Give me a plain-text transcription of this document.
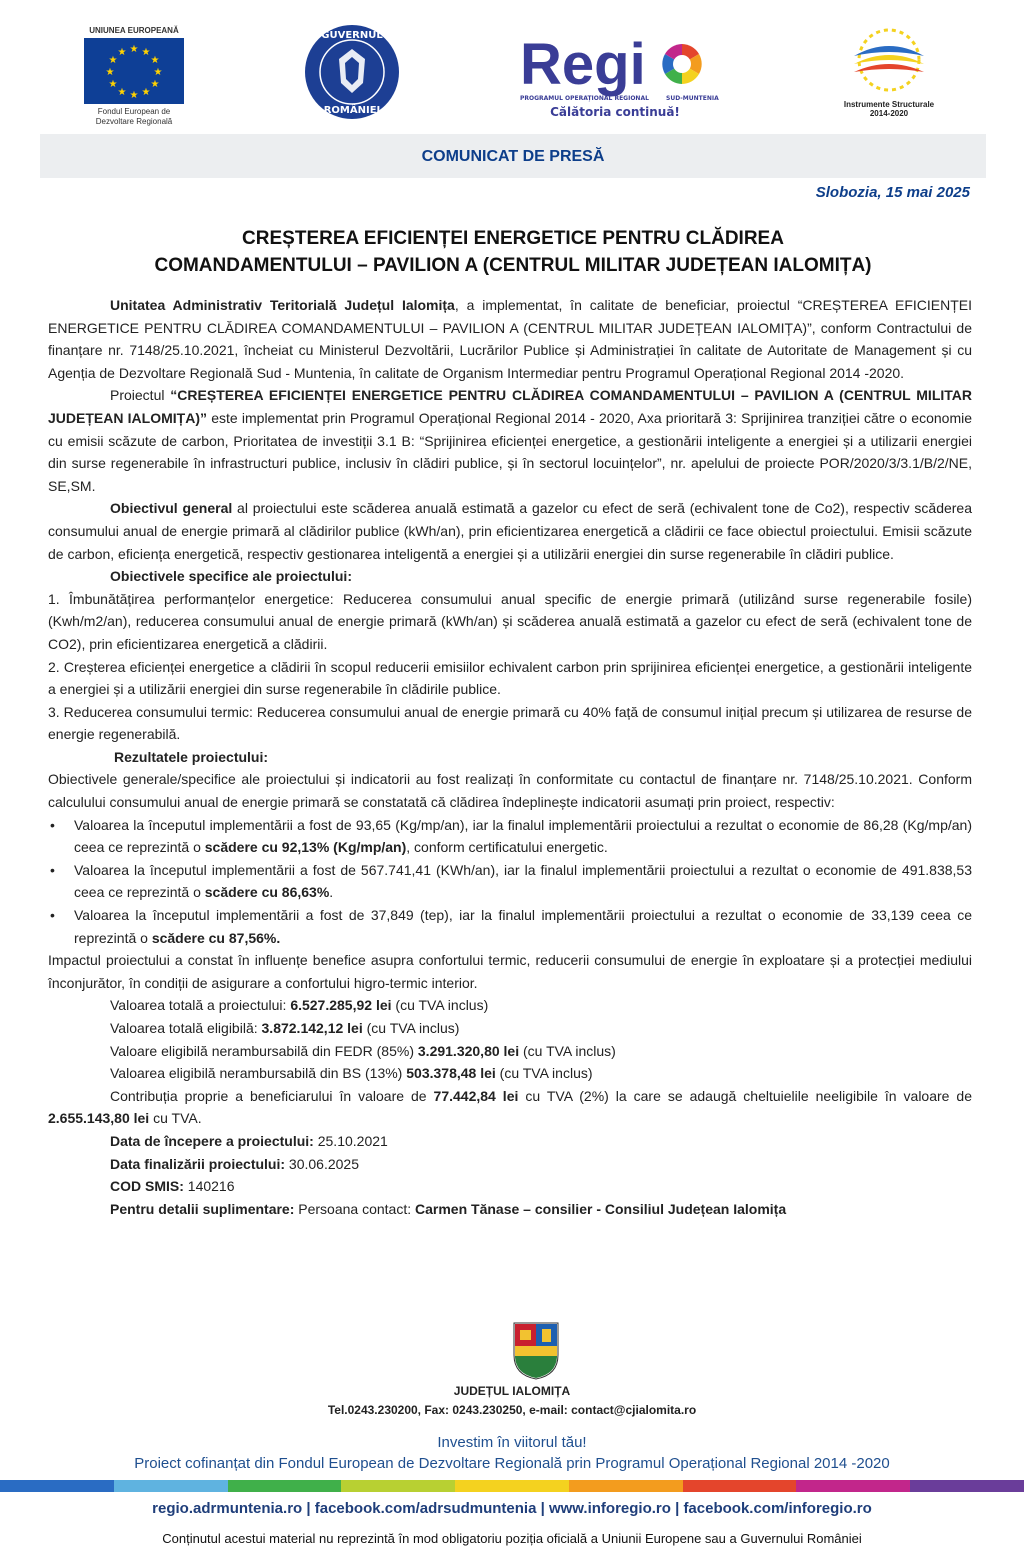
UNIUNEA EUROPEANĂ
★ ★
★
★
★
★
★
★
★
★
★
★
Fondul European de
Dezvoltare Regională
GUVERNUL
ROMÂNIEI
Regi
PROGRAMUL OPERAȚIONAL REGIONAL	SUD-MUNTENIA
Călătoria continuă!
Instrumente Structurale
2014-2020
COMUNICAT DE PRESĂ
Slobozia, 15 mai 2025
CREȘTEREA EFICIENȚEI ENERGETICE PENTRU CLĂDIREA
COMANDAMENTULUI – PAVILION A (CENTRUL MILITAR JUDEȚEAN IALOMIȚA)

Unitatea Administrativ Teritorială Județul Ialomița, a implementat, în calitate de beneficiar, proiectul “CREȘTEREA EFICIENȚEI ENERGETICE PENTRU CLĂDIREA COMANDAMENTULUI – PAVILION A (CENTRUL MILITAR JUDEȚEAN IALOMIȚA)”, conform Contractului de finanțare nr. 7148/25.10.2021, încheiat cu Ministerul Dezvoltării, Lucrărilor Publice și Administrației în calitate de Autoritate de Management și cu Agenția de Dezvoltare Regională Sud - Muntenia, în calitate de Organism Intermediar pentru Programul Operațional Regional 2014 -2020.

Proiectul “CREȘTEREA EFICIENȚEI ENERGETICE PENTRU CLĂDIREA COMANDAMENTULUI – PAVILION A (CENTRUL MILITAR JUDEȚEAN IALOMIȚA)” este implementat prin Programul Operațional Regional 2014 - 2020, Axa prioritară 3: Sprijinirea tranziției către o economie cu emisii scăzute de carbon, Prioritatea de investiții 3.1 B: “Sprijinirea eficienței energetice, a gestionării inteligente a energiei și a utilizarii energiei din surse regenerabile în infrastructuri publice, inclusiv în clădiri publice, și în sectorul locuințelor”, nr. apelului de proiecte POR/2020/3/3.1/B/2/NE, SE,SM.

Obiectivul general al proiectului este scăderea anuală estimată a gazelor cu efect de seră (echivalent tone de Co2), respectiv scăderea consumului anual de energie primară al clădirilor publice (kWh/an), prin eficientizarea energetică a clădirii ce face obiectul proiectului. Emisii scăzute de carbon, eficiența energetică, respectiv gestionarea inteligentă a energiei și a utilizării energiei din surse regenerabile în clădiri publice.

Obiectivele specifice ale proiectului:

1. Îmbunătățirea performanțelor energetice: Reducerea consumului anual specific de energie primară (utilizând surse regenerabile fosile) (Kwh/m2/an), reducerea consumului anual de energie primară (kWh/an) și scăderea anuală estimată a gazelor cu efect de seră (echivalent tone de CO2), prin eficientizarea energetică a clădirii.

2. Creșterea eficienței energetice a clădirii în scopul reducerii emisiilor echivalent carbon prin sprijinirea eficienței energetice, a gestionării inteligente a energiei și a utilizării energiei din surse regenerabile în clădirile publice.

3. Reducerea consumului termic: Reducerea consumului anual de energie primară cu 40% față de consumul inițial precum și utilizarea de resurse de energie regenerabilă.

Rezultatele proiectului:

Obiectivele generale/specifice ale proiectului și indicatorii au fost realizați în conformitate cu contactul de finanțare nr. 7148/25.10.2021. Conform calculului consumului anual de energie primară se constatată că clădirea îndeplinește indicatorii asumați prin proiect, respectiv:

• Valoarea la începutul implementării a fost de 93,65 (Kg/mp/an), iar la finalul implementării proiectului a rezultat o economie de 86,28 (Kg/mp/an) ceea ce reprezintă o scădere cu 92,13% (Kg/mp/an), conform certificatului energetic.
• Valoarea la începutul implementării a fost de 567.741,41 (KWh/an), iar la finalul implementării proiectului a rezultat o economie de 491.838,53 ceea ce reprezintă o scădere cu 86,63%.
• Valoarea la începutul implementării a fost de 37,849 (tep), iar la finalul implementării proiectului a rezultat o economie de 33,139 ceea ce reprezintă o scădere cu 87,56%.

Impactul proiectului a constat în influențe benefice asupra confortului termic, reducerii consumului de energie în exploatare și a protecției mediului înconjurător, în condiții de asigurare a confortului higro-termic interior.

Valoarea totală a proiectului: 6.527.285,92 lei (cu TVA inclus)

Valoarea totală eligibilă: 3.872.142,12 lei (cu TVA inclus)

Valoare eligibilă nerambursabilă din FEDR (85%) 3.291.320,80 lei (cu TVA inclus)

Valoarea eligibilă nerambursabilă din BS (13%) 503.378,48 lei (cu TVA inclus)

Contribuția proprie a beneficiarului în valoare de 77.442,84 lei cu TVA (2%) la care se adaugă cheltuielile neeligibile în valoare de 2.655.143,80 lei cu TVA.

Data de începere a proiectului: 25.10.2021

Data finalizării proiectului: 30.06.2025

COD SMIS: 140216

Pentru detalii suplimentare: Persoana contact: Carmen Tănase – consilier - Consiliul Județean Ialomița

JUDEȚUL IALOMIȚA
Tel.0243.230200, Fax: 0243.230250, e-mail: contact@cjialomita.ro
Investim în viitorul tău!
Proiect cofinanțat din Fondul European de Dezvoltare Regională prin Programul Operațional Regional 2014 -2020
regio.adrmuntenia.ro | facebook.com/adrsudmuntenia | www.inforegio.ro | facebook.com/inforegio.ro
Conținutul acestui material nu reprezintă în mod obligatoriu poziția oficială a Uniunii Europene sau a Guvernului României
